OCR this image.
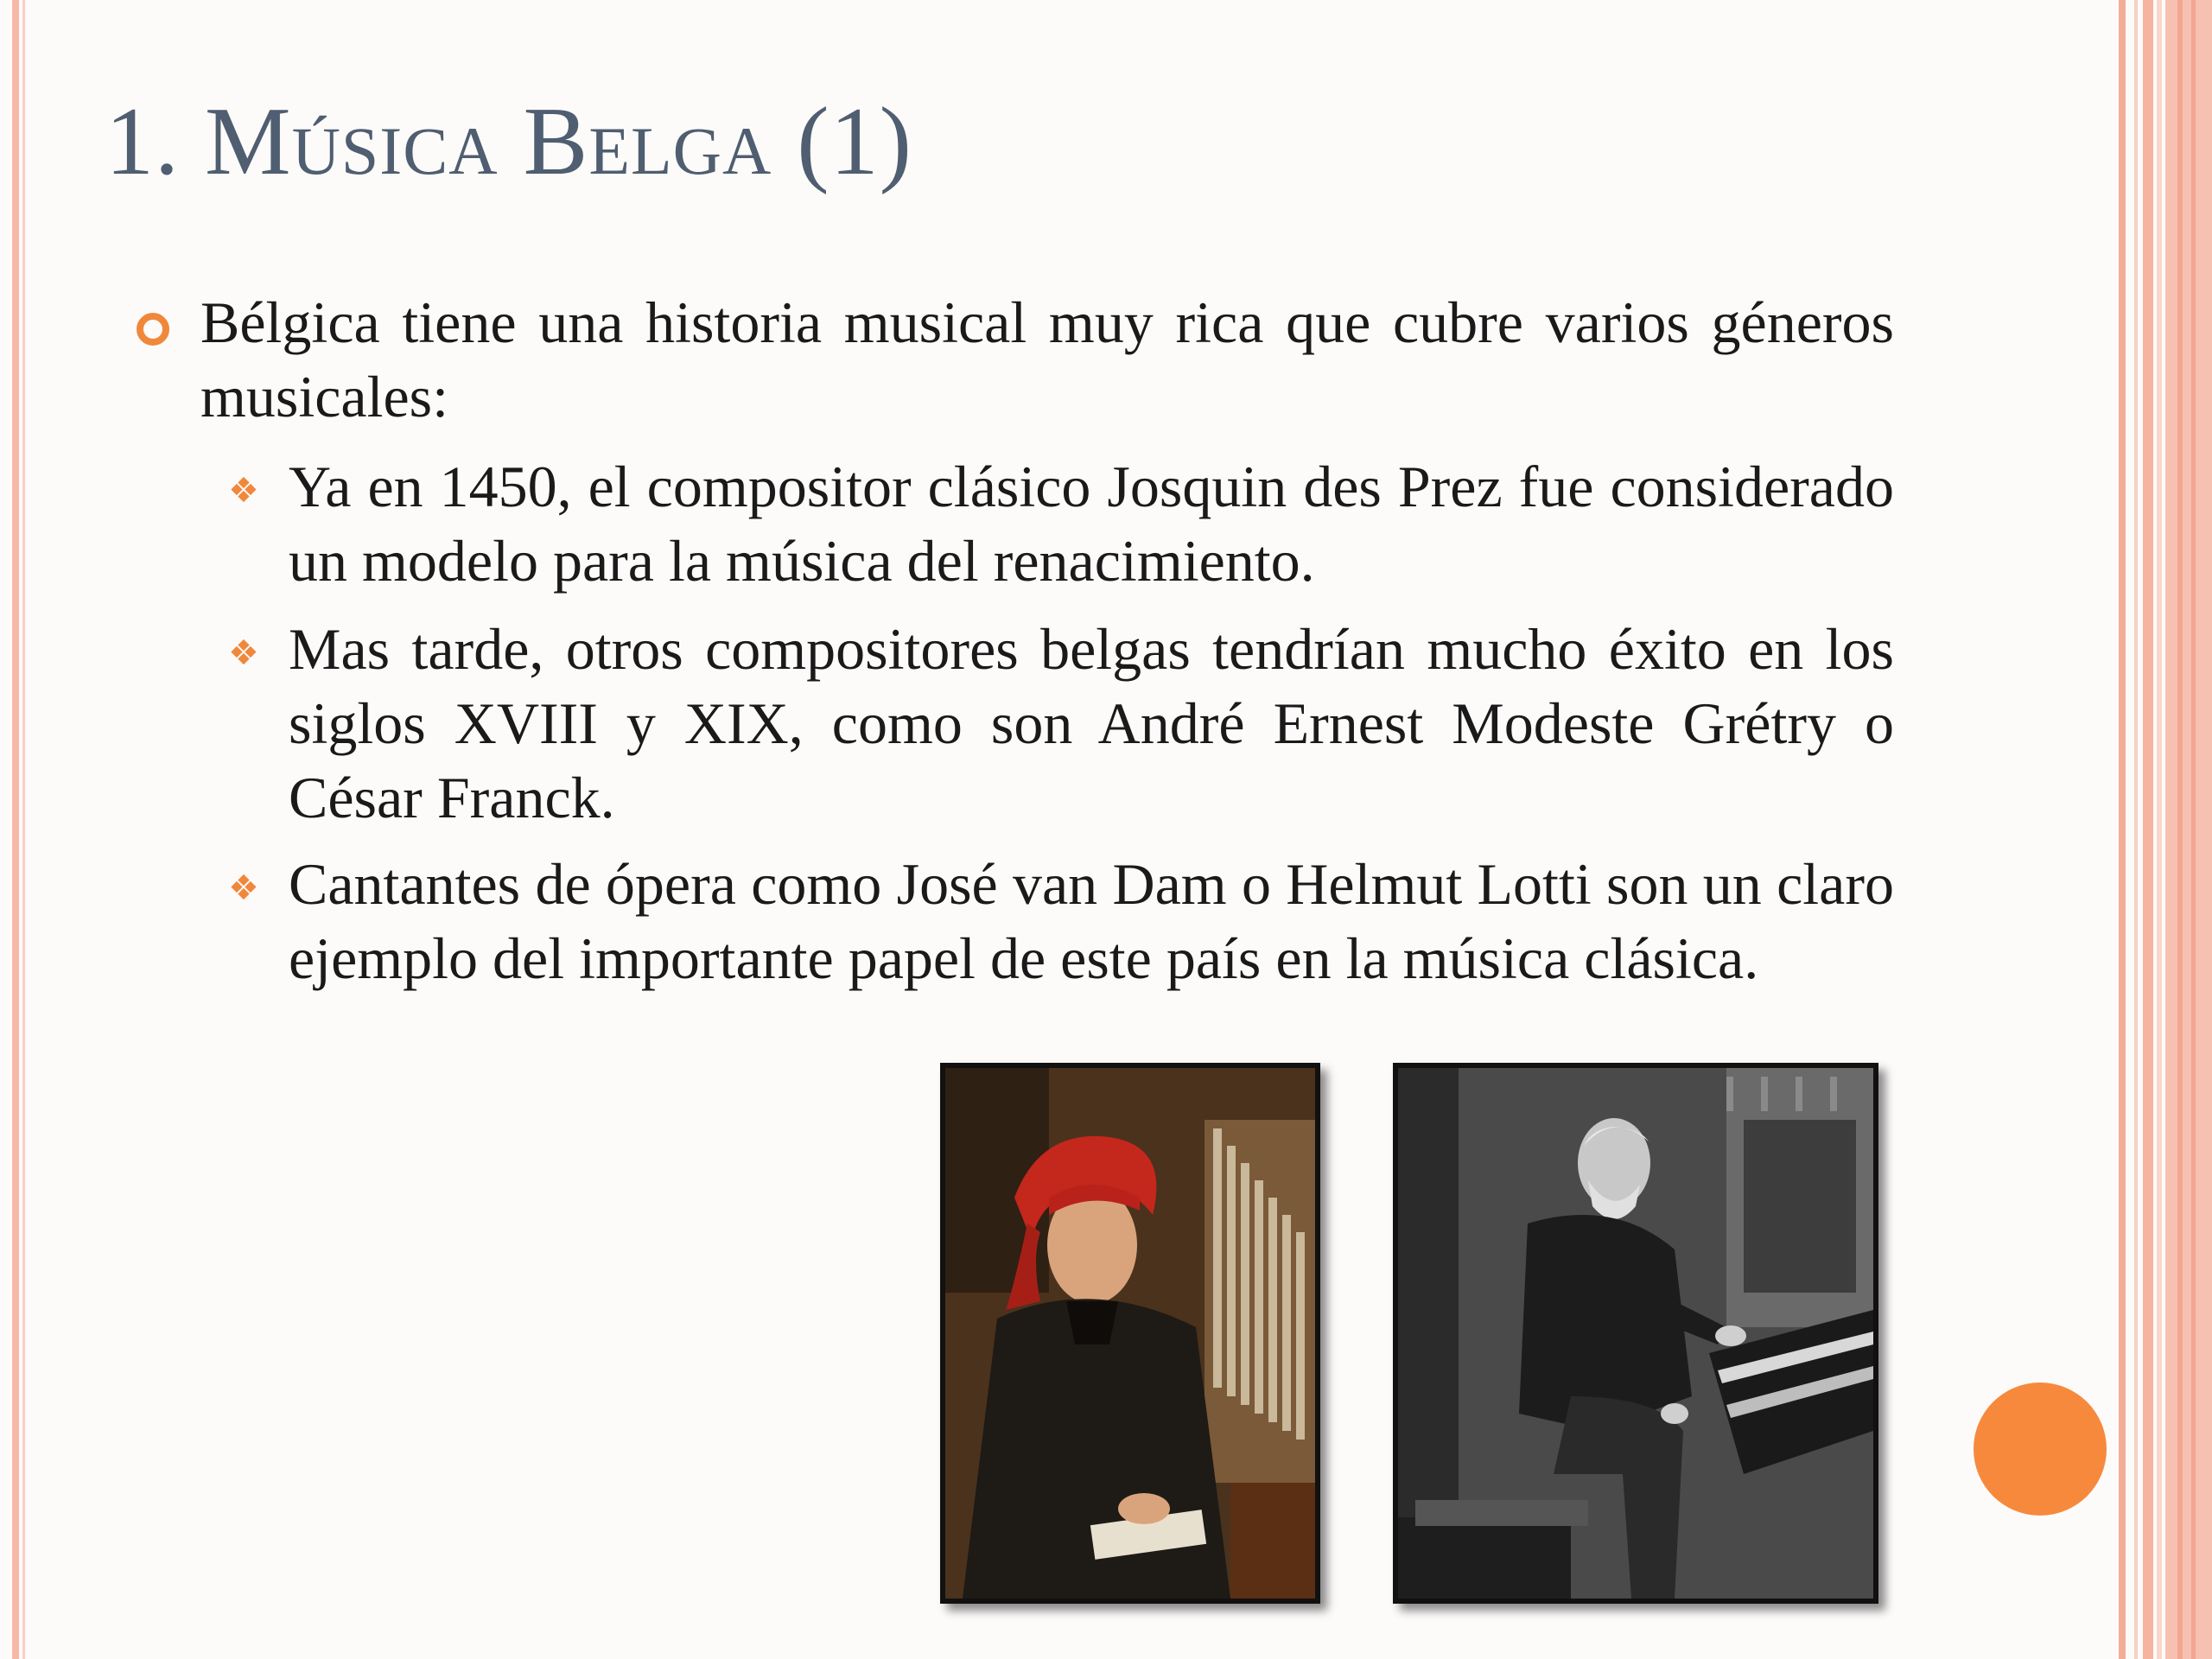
1. Música Belga (1)
Bélgica tiene una historia musical muy rica que cubre varios géneros musicales:
❖ Ya en 1450, el compositor clásico Josquin des Prez fue considerado un modelo para la música del renacimiento.
❖ Mas tarde, otros compositores belgas tendrían mucho éxito en los siglos XVIII y XIX, como son André Ernest Modeste Grétry o César Franck.
❖ Cantantes de ópera como José van Dam o Helmut Lotti son un claro ejemplo del importante papel de este país en la música clásica.
